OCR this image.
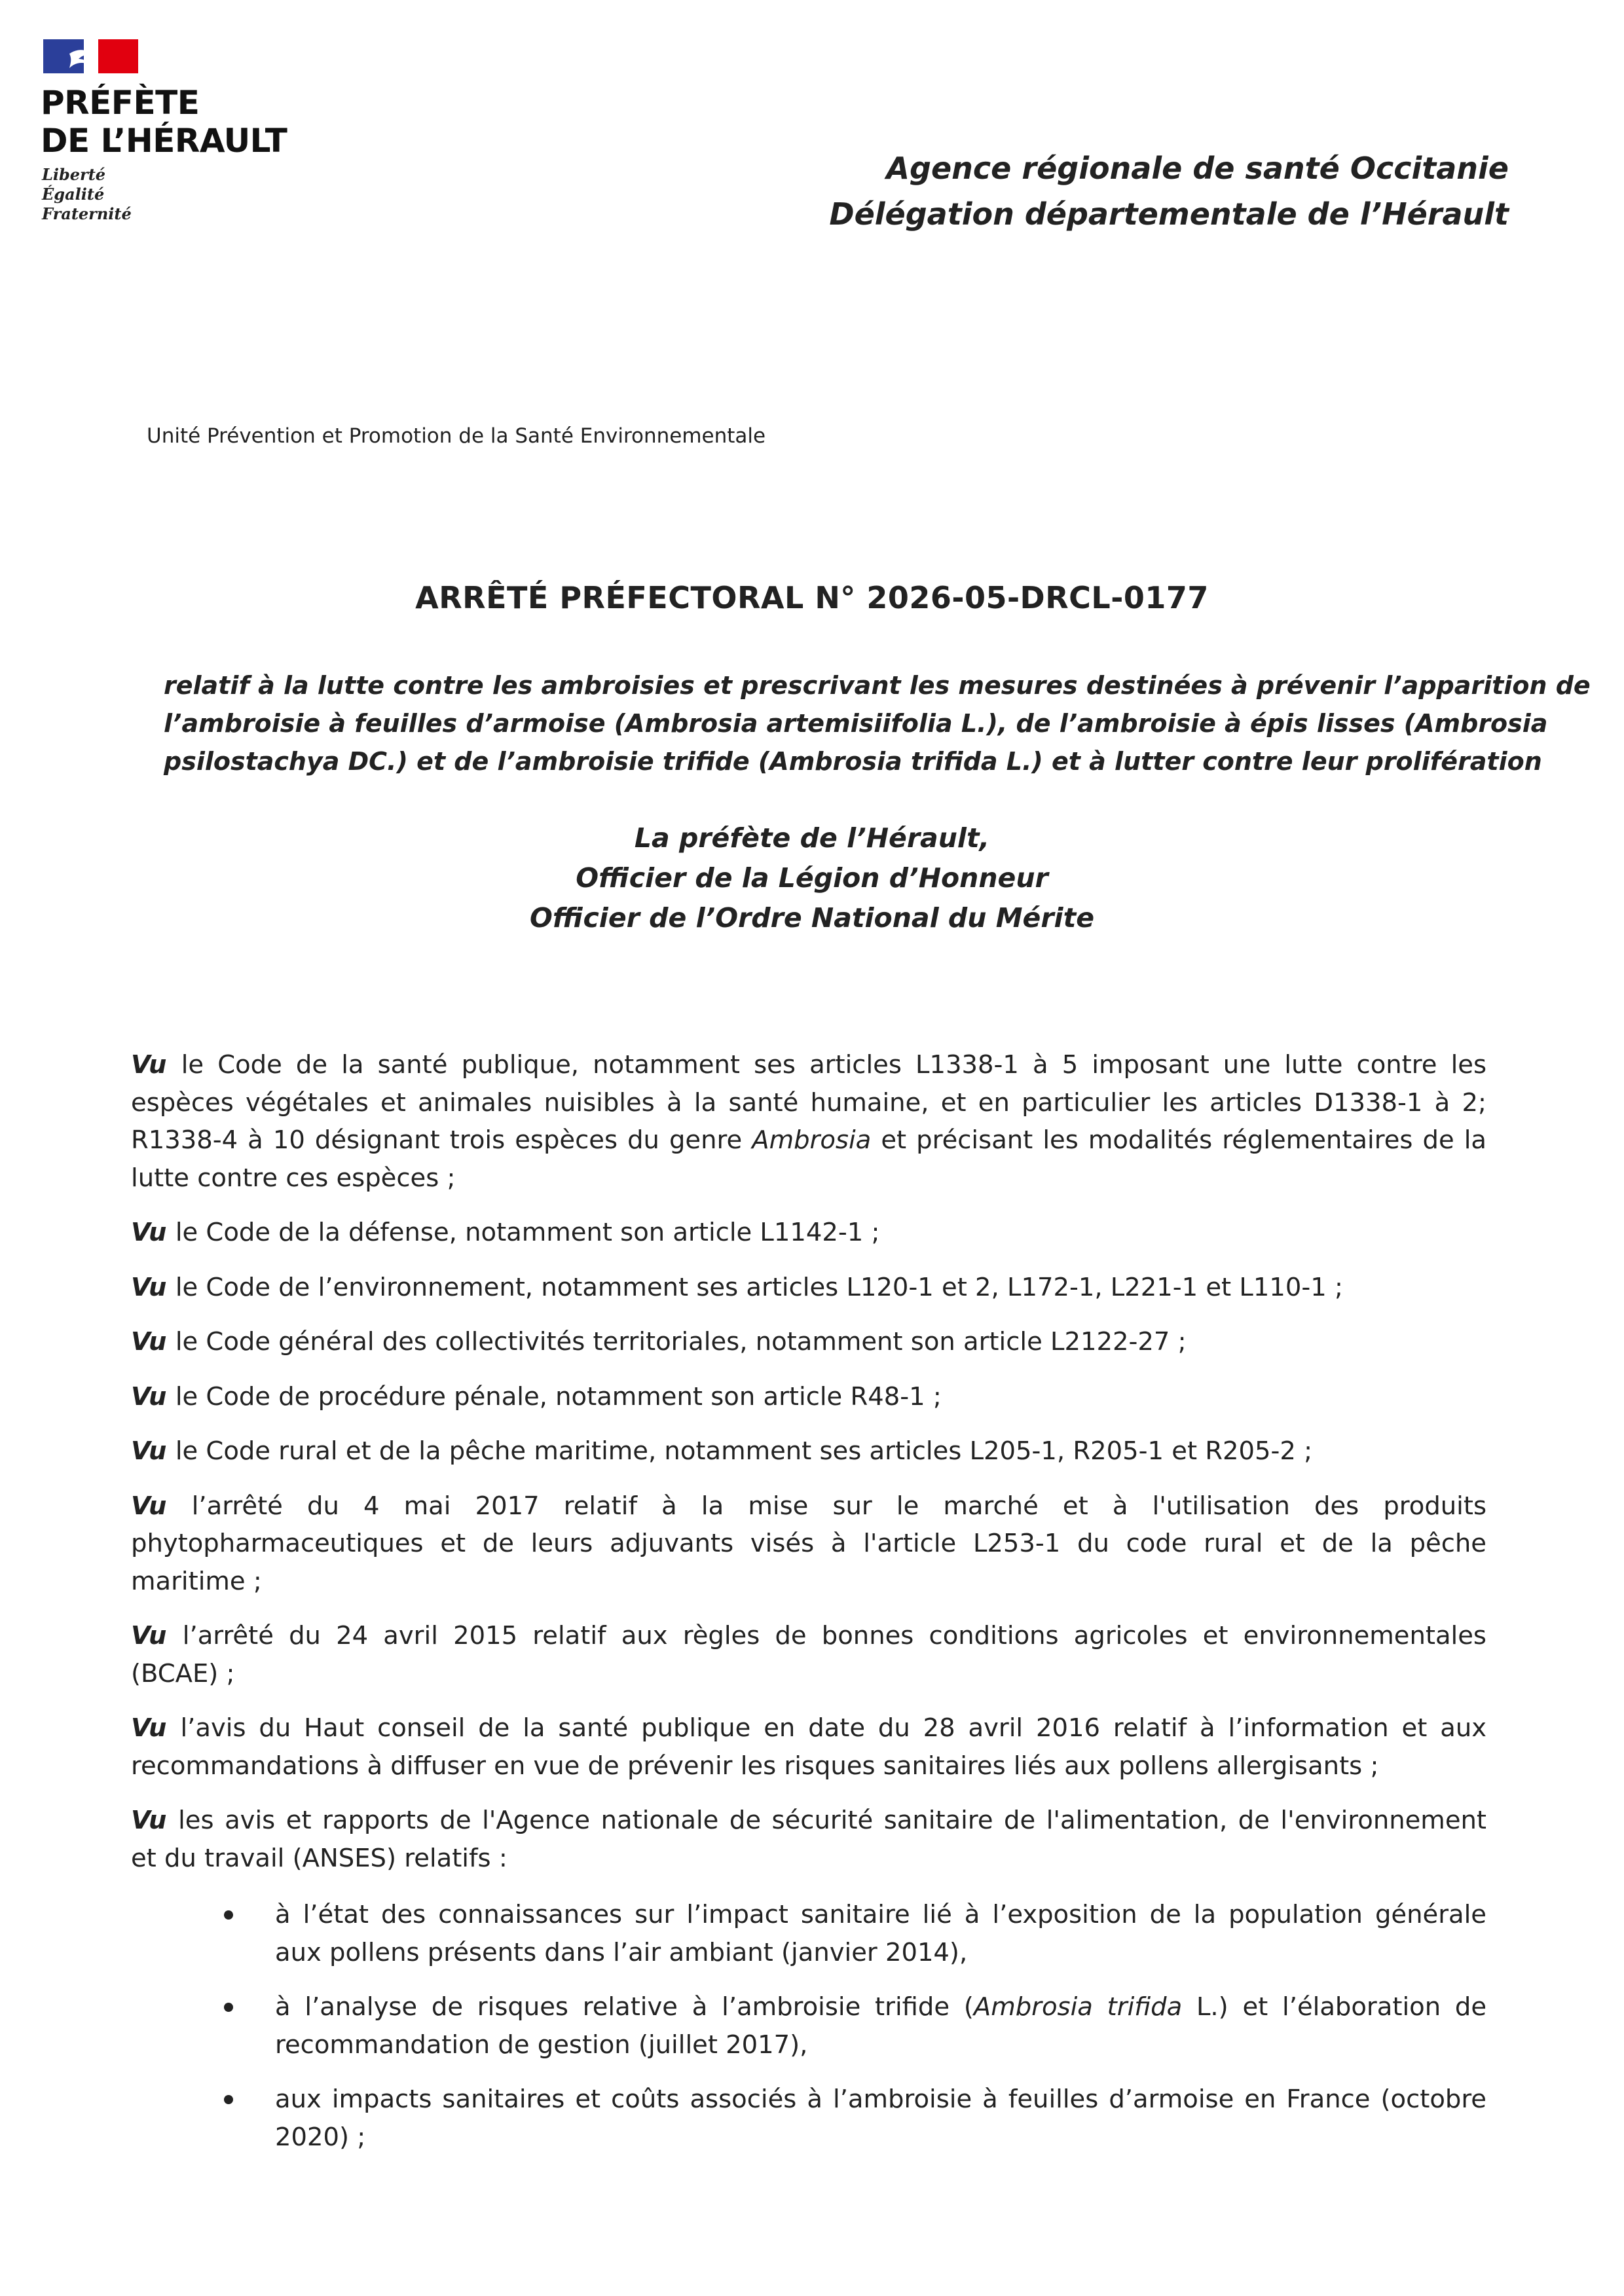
PRÉFÈTE
DE L’HÉRAULT
Liberté
Égalité
Fraternité
Agence régionale de santé Occitanie
Délégation départementale de l’Hérault
Unité Prévention et Promotion de la Santé Environnementale
ARRÊTÉ PRÉFECTORAL N° 2026-05-DRCL-0177
relatif à la lutte contre les ambroisies et prescrivant les mesures destinées à prévenir l’apparition de
l’ambroisie à feuilles d’armoise (Ambrosia artemisiifolia L.), de l’ambroisie à épis lisses (Ambrosia
psilostachya DC.) et de l’ambroisie trifide (Ambrosia trifida L.) et à lutter contre leur prolifération
La préfète de l’Hérault,
Officier de la Légion d’Honneur
Officier de l’Ordre National du Mérite
Vu le Code de la santé publique, notamment ses articles L1338-1 à 5 imposant une lutte contre les
espèces végétales et animales nuisibles à la santé humaine, et en particulier les articles D1338-1 à 2;
R1338-4 à 10 désignant trois espèces du genre Ambrosia et précisant les modalités réglementaires de la
lutte contre ces espèces ;
Vu le Code de la défense, notamment son article L1142-1 ;
Vu le Code de l’environnement, notamment ses articles L120-1 et 2, L172-1, L221-1 et L110-1 ;
Vu le Code général des collectivités territoriales, notamment son article L2122-27 ;
Vu le Code de procédure pénale, notamment son article R48-1 ;
Vu le Code rural et de la pêche maritime, notamment ses articles L205-1, R205-1 et R205-2 ;
Vu l’arrêté du 4 mai 2017 relatif à la mise sur le marché et à l'utilisation des produits
phytopharmaceutiques et de leurs adjuvants visés à l'article L253-1 du code rural et de la pêche
maritime ;
Vu l’arrêté du 24 avril 2015 relatif aux règles de bonnes conditions agricoles et environnementales
(BCAE) ;
Vu l’avis du Haut conseil de la santé publique en date du 28 avril 2016 relatif à l’information et aux
recommandations à diffuser en vue de prévenir les risques sanitaires liés aux pollens allergisants ;
Vu les avis et rapports de l'Agence nationale de sécurité sanitaire de l'alimentation, de l'environnement
et du travail (ANSES) relatifs :
à l’état des connaissances sur l’impact sanitaire lié à l’exposition de la population générale
aux pollens présents dans l’air ambiant (janvier 2014),
à l’analyse de risques relative à l’ambroisie trifide (Ambrosia trifida L.) et l’élaboration de
recommandation de gestion (juillet 2017),
aux impacts sanitaires et coûts associés à l’ambroisie à feuilles d’armoise en France (octobre
2020) ;
